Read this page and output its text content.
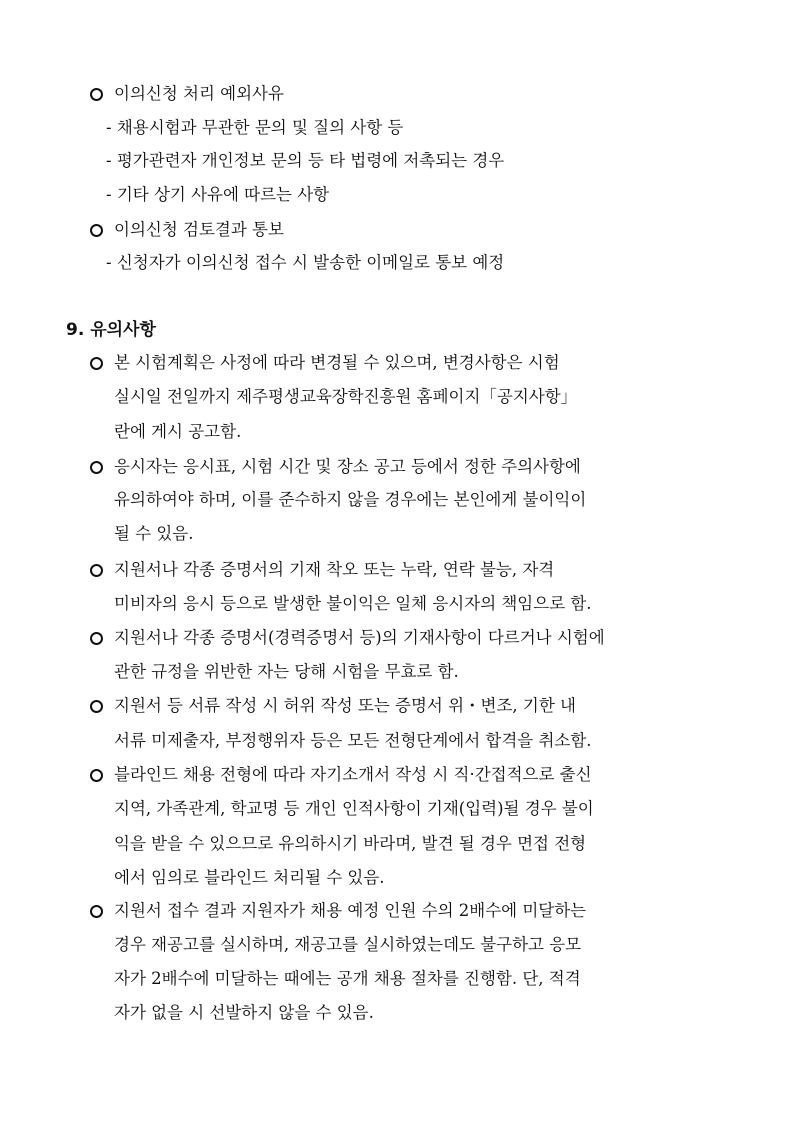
이의신청 처리 예외사유
- 채용시험과 무관한 문의 및 질의 사항 등
- 평가관련자 개인정보 문의 등 타 법령에 저촉되는 경우
- 기타 상기 사유에 따르는 사항
이의신청 검토결과 통보
- 신청자가 이의신청 접수 시 발송한 이메일로 통보 예정
9. 유의사항
본 시험계획은 사정에 따라 변경될 수 있으며, 변경사항은 시험
실시일 전일까지 제주평생교육장학진흥원 홈페이지「공지사항」
란에 게시 공고함.
응시자는 응시표, 시험 시간 및 장소 공고 등에서 정한 주의사항에
유의하여야 하며, 이를 준수하지 않을 경우에는 본인에게 불이익이
될 수 있음.
지원서나 각종 증명서의 기재 착오 또는 누락, 연락 불능, 자격
미비자의 응시 등으로 발생한 불이익은 일체 응시자의 책임으로 함.
지원서나 각종 증명서(경력증명서 등)의 기재사항이 다르거나 시험에
관한 규정을 위반한 자는 당해 시험을 무효로 함.
지원서 등 서류 작성 시 허위 작성 또는 증명서 위・변조, 기한 내
서류 미제출자, 부정행위자 등은 모든 전형단계에서 합격을 취소함.
블라인드 채용 전형에 따라 자기소개서 작성 시 직·간접적으로 출신
지역, 가족관계, 학교명 등 개인 인적사항이 기재(입력)될 경우 불이
익을 받을 수 있으므로 유의하시기 바라며, 발견 될 경우 면접 전형
에서 임의로 블라인드 처리될 수 있음.
지원서 접수 결과 지원자가 채용 예정 인원 수의 2배수에 미달하는
경우 재공고를 실시하며, 재공고를 실시하였는데도 불구하고 응모
자가 2배수에 미달하는 때에는 공개 채용 절차를 진행함. 단, 적격
자가 없을 시 선발하지 않을 수 있음.
